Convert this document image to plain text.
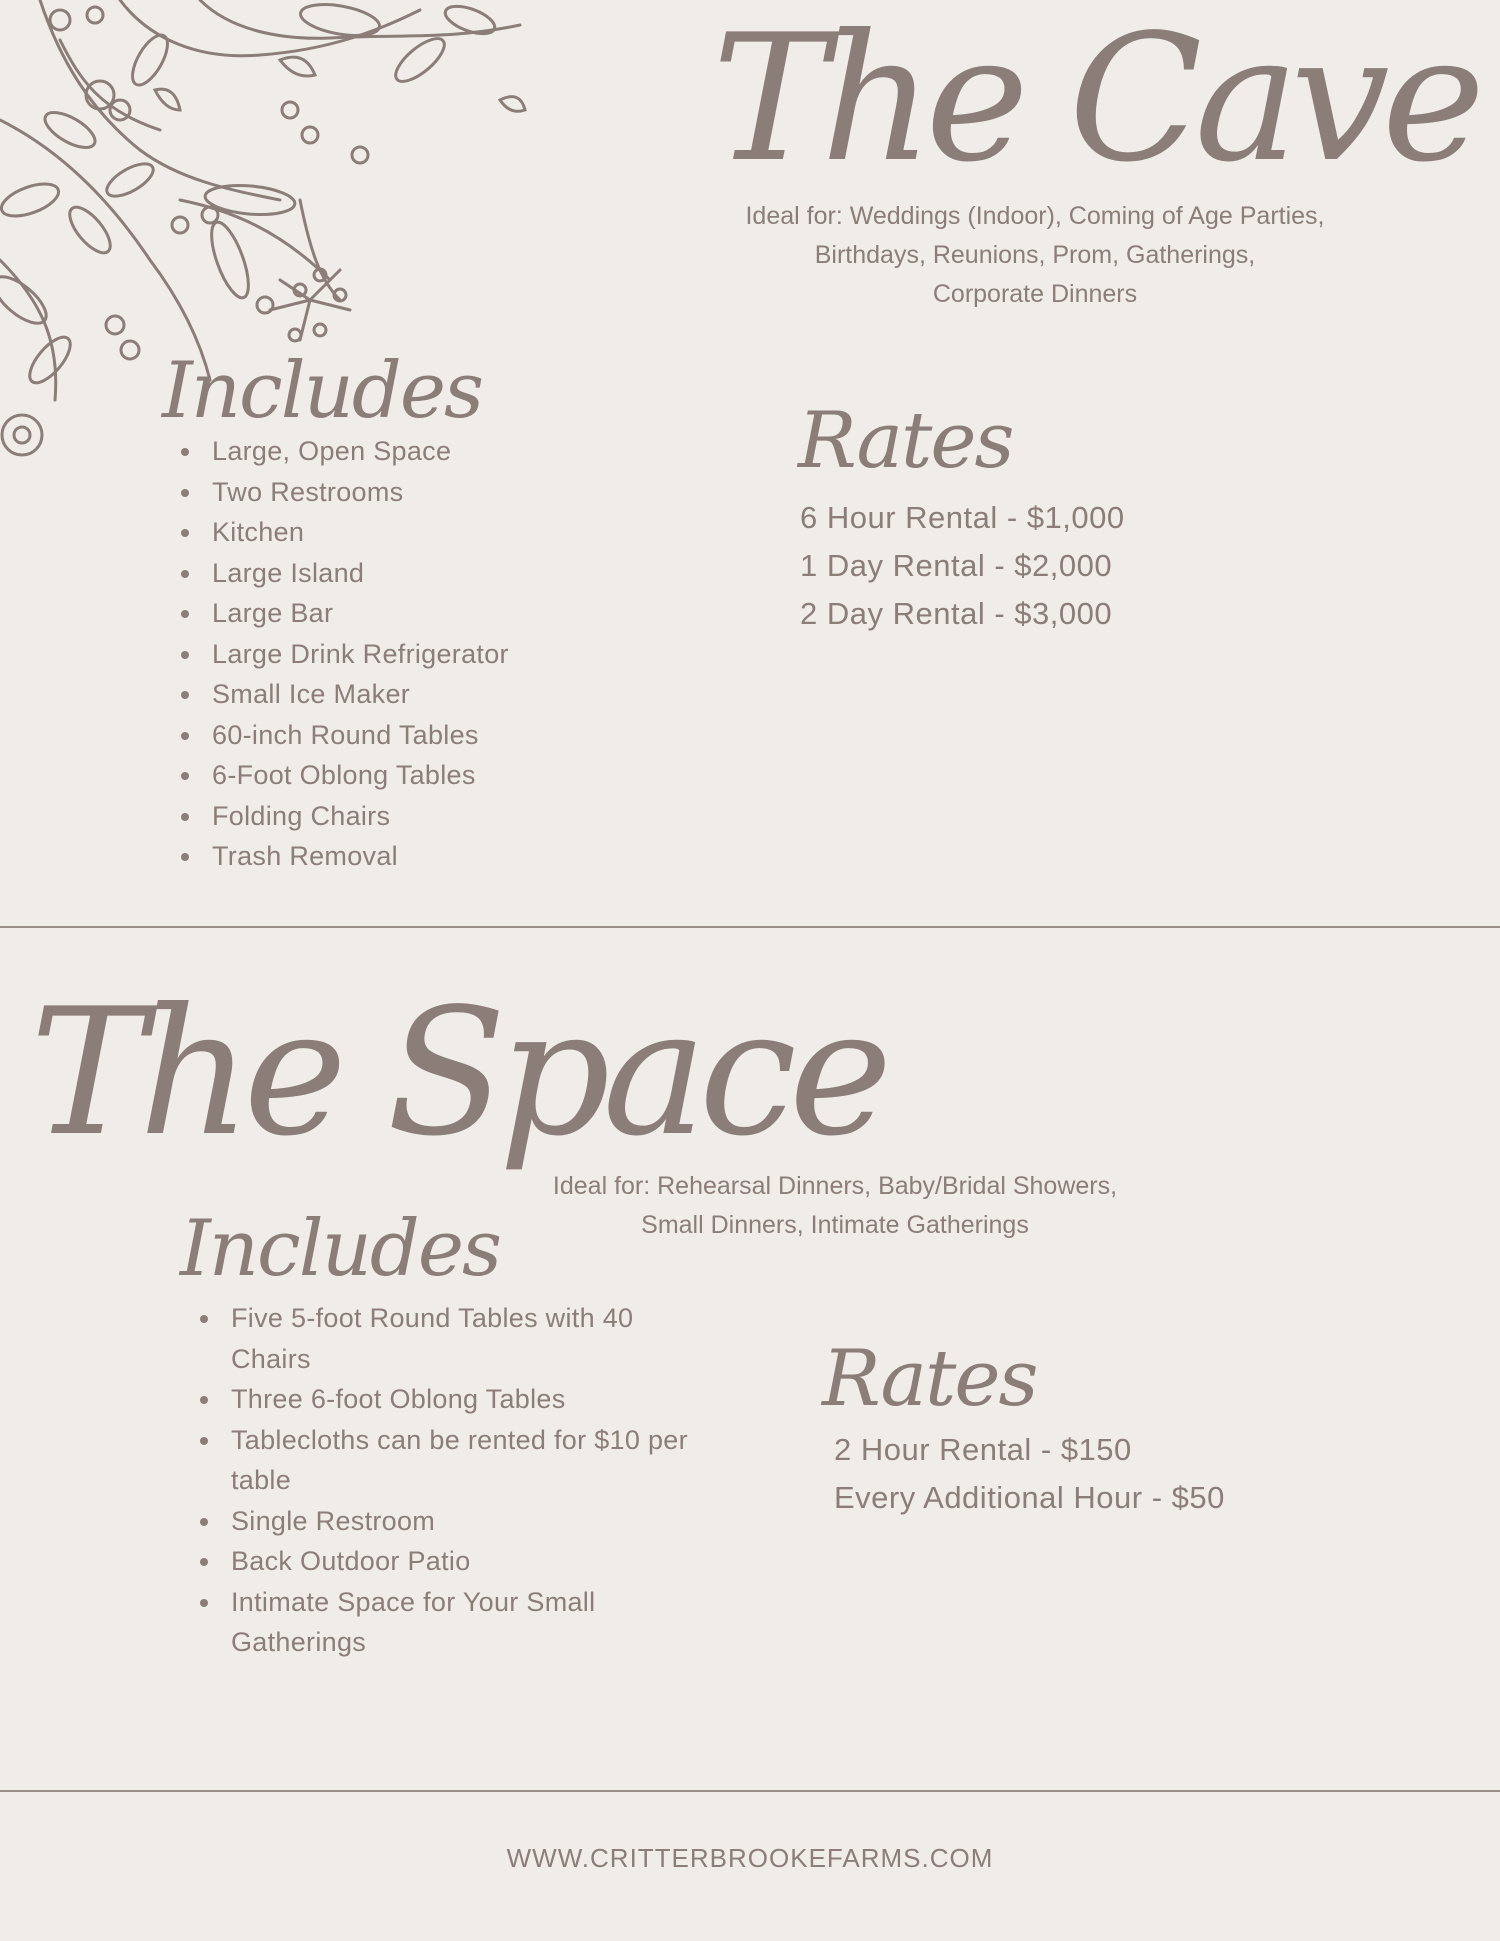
The Cave
Ideal for: Weddings (Indoor), Coming of Age Parties,
Birthdays, Reunions, Prom, Gatherings,
Corporate Dinners
Includes
Large, Open Space
Two Restrooms
Kitchen
Large Island
Large Bar
Large Drink Refrigerator
Small Ice Maker
60-inch Round Tables
6-Foot Oblong Tables
Folding Chairs
Trash Removal
Rates
6 Hour Rental - $1,000
1 Day Rental - $2,000
2 Day Rental - $3,000
The Space
Ideal for: Rehearsal Dinners, Baby/Bridal Showers,
Small Dinners, Intimate Gatherings
Includes
Five 5-foot Round Tables with 40 Chairs
Three 6-foot Oblong Tables
Tablecloths can be rented for $10 per table
Single Restroom
Back Outdoor Patio
Intimate Space for Your Small Gatherings
Rates
2 Hour Rental - $150
Every Additional Hour - $50
WWW.CRITTERBROOKEFARMS.COM
